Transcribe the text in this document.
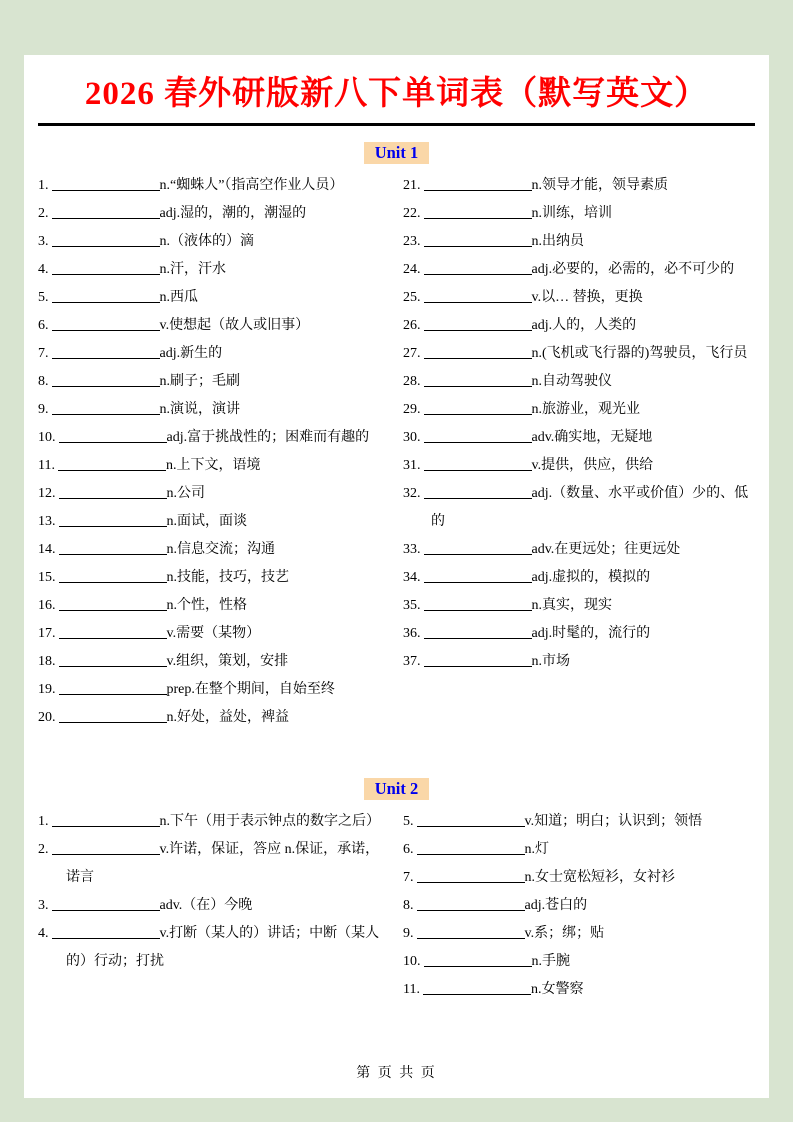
2026 春外研版新八下单词表（默写英文）
Unit 1
1.	n.“蜘蛛人”（指高空作业人员）
2.	adj.湿的，潮的，潮湿的
3.	n.（液体的）滴
4.	n.汗，汗水
5.	n.西瓜
6.	v.使想起（故人或旧事）
7.	adj.新生的
8.	n.刷子；毛刷
9.	n.演说，演讲
10.	adj.富于挑战性的；困难而有趣的
11.	n.上下文，语境
12.	n.公司
13.	n.面试，面谈
14.	n.信息交流；沟通
15.	n.技能，技巧，技艺
16.	n.个性，性格
17.	v.需要（某物）
18.	v.组织，策划，安排
19.	prep.在整个期间，自始至终
20.	n.好处，益处，裨益
21.	n.领导才能，领导素质
22.	n.训练，培训
23.	n.出纳员
24.	adj.必要的，必需的，必不可少的
25.	v.以… 替换，更换
26.	adj.人的，人类的
27.	n.(飞机或飞行器的)驾驶员，飞行员
28.	n.自动驾驶仪
29.	n.旅游业，观光业
30.	adv.确实地，无疑地
31.	v.提供，供应，供给
32.	adj.（数量、水平或价值）少的、低的
33.	adv.在更远处；往更远处
34.	adj.虚拟的，模拟的
35.	n.真实，现实
36.	adj.时髦的，流行的
37.	n.市场
Unit 2
1.	n.下午（用于表示钟点的数字之后）
2.	v.许诺，保证，答应 n.保证，承诺，诺言
3.	adv.（在）今晚
4.	v.打断（某人的）讲话；中断（某人的）行动；打扰
5.	v.知道；明白；认识到；领悟
6.	n.灯
7.	n.女士宽松短衫，女衬衫
8.	adj.苍白的
9.	v.系；绑；贴
10.	n.手腕
11.	n.女警察
第 页 共 页
